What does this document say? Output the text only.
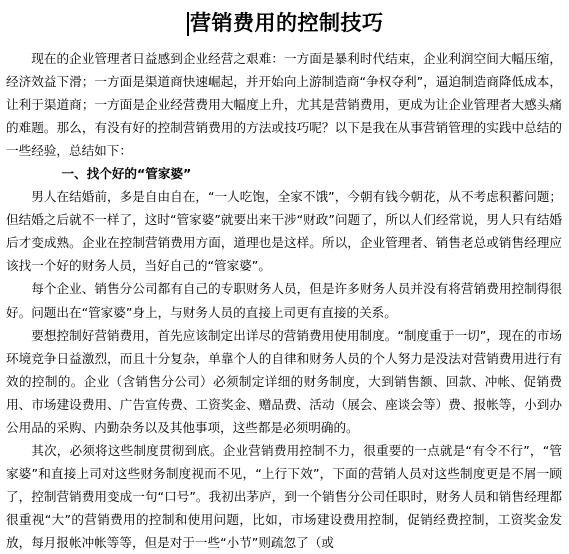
营销费用的控制技巧

现在的企业管理者日益感到企业经营之艰难：一方面是暴利时代结束，企业利润空间大幅压缩，经济效益下滑；一方面是渠道商快速崛起，并开始向上游制造商“争权夺利”，逼迫制造商降低成本，让利于渠道商；一方面是企业经营费用大幅度上升，尤其是营销费用，更成为让企业管理者大感头痛的难题。那么，有没有好的控制营销费用的方法或技巧呢？以下是我在从事营销管理的实践中总结的一些经验，总结如下：

一、找个好的“管家婆”

男人在结婚前，多是自由自在，“一人吃饱，全家不饿”，今朝有钱今朝花，从不考虑积蓄问题；但结婚之后就不一样了，这时“管家婆”就要出来干涉“财政”问题了，所以人们经常说，男人只有结婚后才变成熟。企业在控制营销费用方面，道理也是这样。所以，企业管理者、销售老总或销售经理应该找一个好的财务人员，当好自己的“管家婆”。

每个企业、销售分公司都有自己的专职财务人员，但是许多财务人员并没有将营销费用控制得很好。问题出在“管家婆”身上，与财务人员的直接上司更有直接的关系。

要想控制好营销费用，首先应该制定出详尽的营销费用使用制度。“制度重于一切”，现在的市场环境竞争日益激烈，而且十分复杂，单靠个人的自律和财务人员的个人努力是没法对营销费用进行有效的控制的。企业（含销售分公司）必须制定详细的财务制度，大到销售额、回款、冲帐、促销费用、市场建设费用、广告宣传费、工资奖金、赠品费、活动（展会、座谈会等）费、报帐等，小到办公用品的采购、内勤杂务以及其他事项，这些都是必须明确的。

其次，必须将这些制度贯彻到底。企业营销费用控制不力，很重要的一点就是“有令不行”，“管家婆”和直接上司对这些财务制度视而不见，“上行下效”，下面的营销人员对这些制度更是不屑一顾了，控制营销费用变成一句“口号”。我初出茅庐，到一个销售分公司任职时，财务人员和销售经理都很重视“大”的营销费用的控制和使用问题，比如，市场建设费用控制，促销经费控制，工资奖金发放，每月报帐冲帐等等，但是对于一些“小节”则疏忽了（或
